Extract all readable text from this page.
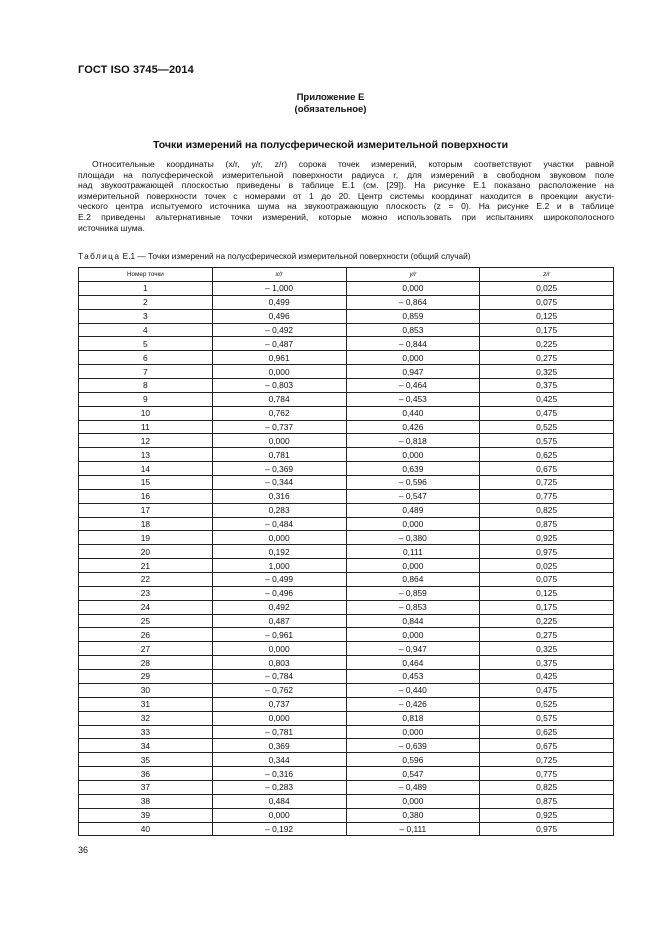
ГОСТ ISO 3745—2014
Приложение Е
(обязательное)
Точки измерений на полусферической измерительной поверхности
Относительные координаты (x/r, y/r, z/r) сорока точек измерений, которым соответствуют участки равной
площади на полусферической измерительной поверхности радиуса r, для измерений в свободном звуковом поле
над звукоотражающей плоскостью приведены в таблице Е.1 (см. [29]). На рисунке Е.1 показано расположение на
измерительной поверхности точек с номерами от 1 до 20. Центр системы координат находится в проекции акусти-
ческого центра испытуемого источника шума на звукоотражающую плоскость (z = 0). На рисунке Е.2 и в таблице
Е.2 приведены альтернативные точки измерений, которые можно использовать при испытаниях широкополосного
источника шума.
Таблица Е.1 — Точки измерений на полусферической измерительной поверхности (общий случай)
Номер точки	x/r	y/r	z/r
1	– 1,000	0,000	0,025
2	0,499	– 0,864	0,075
3	0,496	0,859	0,125
4	– 0,492	0,853	0,175
5	– 0,487	– 0,844	0,225
6	0,961	0,000	0,275
7	0,000	0,947	0,325
8	– 0,803	– 0,464	0,375
9	0,784	– 0,453	0,425
10	0,762	0,440	0,475
11	– 0,737	0,426	0,525
12	0,000	– 0,818	0,575
13	0,781	0,000	0,625
14	– 0,369	0,639	0,675
15	– 0,344	– 0,596	0,725
16	0,316	– 0,547	0,775
17	0,283	0,489	0,825
18	– 0,484	0,000	0,875
19	0,000	– 0,380	0,925
20	0,192	0,111	0,975
21	1,000	0,000	0,025
22	– 0,499	0,864	0,075
23	– 0,496	– 0,859	0,125
24	0,492	– 0,853	0,175
25	0,487	0,844	0,225
26	– 0,961	0,000	0,275
27	0,000	– 0,947	0,325
28	0,803	0,464	0,375
29	– 0,784	0,453	0,425
30	– 0,762	– 0,440	0,475
31	0,737	– 0,426	0,525
32	0,000	0,818	0,575
33	– 0,781	0,000	0,625
34	0,369	– 0,639	0,675
35	0,344	0,596	0,725
36	– 0,316	0,547	0,775
37	– 0,283	– 0,489	0,825
38	0,484	0,000	0,875
39	0,000	0,380	0,925
40	– 0,192	– 0,111	0,975
36
